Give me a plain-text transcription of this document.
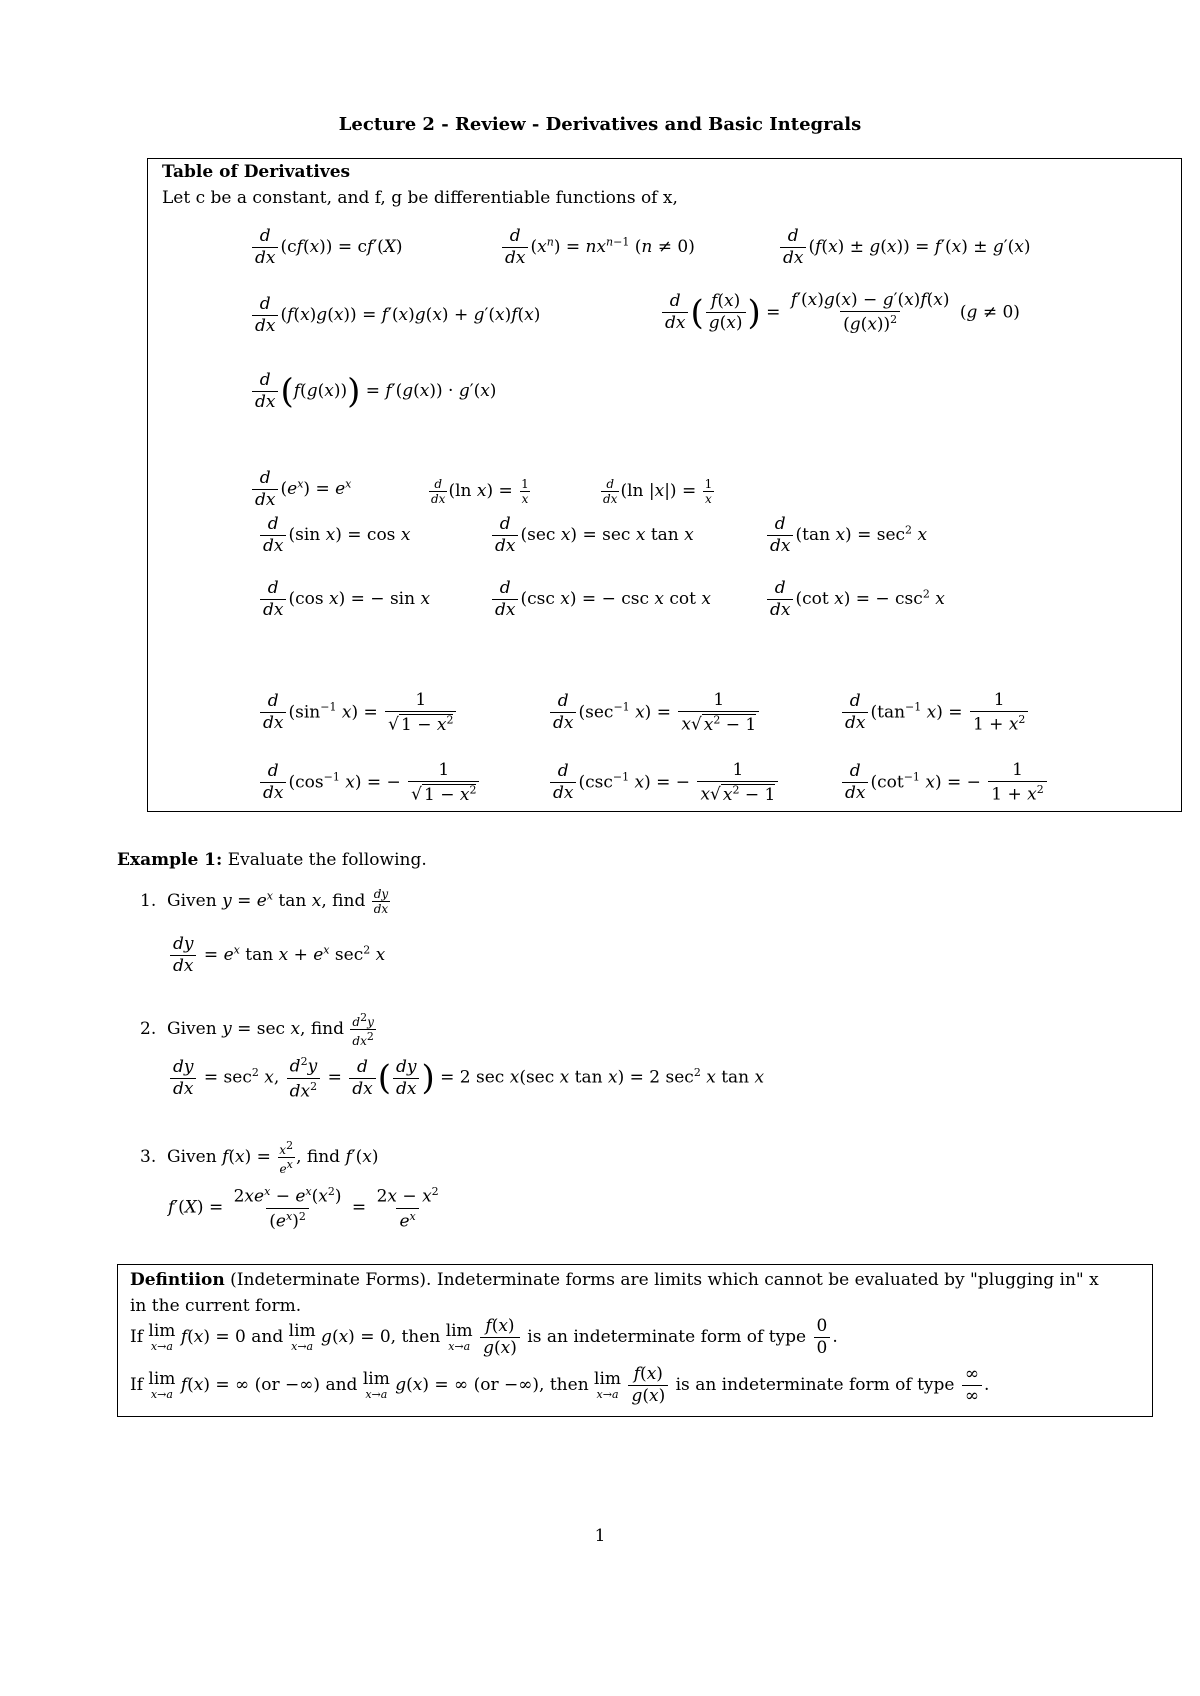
Lecture 2 - Review - Derivatives and Basic Integrals
Table of Derivatives
Let c be a constant, and f, g be differentiable functions of x,
$\frac{d}{dx} (cf(x)) = cf'(X)$	$\frac{d}{dx} (x^n) = nx^{n-1}$ (n ≠ 0)	$\frac{d}{dx} (f(x) \pm g(x)) = f'(x) \pm g'(x)$
$\frac{d}{dx} (f(x)g(x)) = f'(x)g(x) + g'(x)f(x)$	$\frac{d}{dx}$ ( $\frac{f(x)}{g(x)}$ ) = $\frac{f'(x)g(x) - g'(x)f(x)}{(g(x))^2} (g \ne 0)$
$\frac{d}{dx} (f(g(x))) = f'(g(x)) \cdot g'(x)$
$\frac{d}{dx} (e^x) = e^x$	$\frac{d}{dx} (\ln$ $x) = \frac{1}{x}$	$\frac{d}{dx} (\ln$ $|x|) = \frac{1}{x}$
$\frac{d}{dx} (\sin$ x) = cos x	$\frac{d}{dx} (\sec$ x) = sec x tan x	$\frac{d}{dx} (\tan$ $x) = \sec^2 x$
$\frac{d}{dx} (\cos$ x) = − sin x	$\frac{d}{dx} (\csc$ x) = − csc x cot x	$\frac{d}{dx} (\cot$ x) = − $\csc^2 x$
$\frac{d}{dx} (\sin^{-1}$ $x) = \frac{1}{√ 1 - x^2}$	$\frac{d}{dx} (\sec^{-1}$ $x) = \frac{1}{x√ x^2 - 1}$	$\frac{d}{dx} (\tan^{-1}$ $x) = \frac{1}{1 + x^2}$
$\frac{d}{dx} (\cos^{-1}$ x) = − $\frac{1}{√ 1 - x^2}$	$\frac{d}{dx} (\csc^{-1}$ x) = − $\frac{1}{x√ x^2 - 1}$	$\frac{d}{dx} (\cot^{-1}$ x) = − $\frac{1}{1 + x^2}$
Example 1: Evaluate the following.
1.  Given $y = e^x$ tan x, find $\frac{dy}{dx}$
$\frac{dy}{dx} = e^x$ $\tan x + e^x$ $\sec^2 x$
2.  Given y = sec x, find $\frac{d^2y}{dx^2}$
$\frac{dy}{dx} = \sec^2 x$, $\frac{d^2y}{dx^2} = \frac{d}{dx}$ ( $\frac{dy}{dx}$ ) = 2 sec x(sec x tan x) = 2 $\sec^2 x$ tan x
3.  Given $f(x) = \frac{x^2}{e^x}$ , find f′(x)
$f'(X) = \frac{2xe^x - e^x(x^2)}{(e^x)^2} = \frac{2x - x^2}{e^x}$
Defintiion (Indeterminate Forms). Indeterminate forms are limits which cannot be evaluated by "plugging in" x
in the current form.
If lim
x→a f(x) = 0 and lim
x→a g(x) = 0, then lim
x→a
$\frac{f(x)}{g(x)}$ is an indeterminate form of type $\frac{0}{0}$ .
If lim
x→a f(x) = ∞ (or −∞) and lim
x→a g(x) = ∞ (or −∞), then lim
x→a
$\frac{f(x)}{g(x)}$ is an indeterminate form of type $\frac{\infty}{\infty}$ .
1
